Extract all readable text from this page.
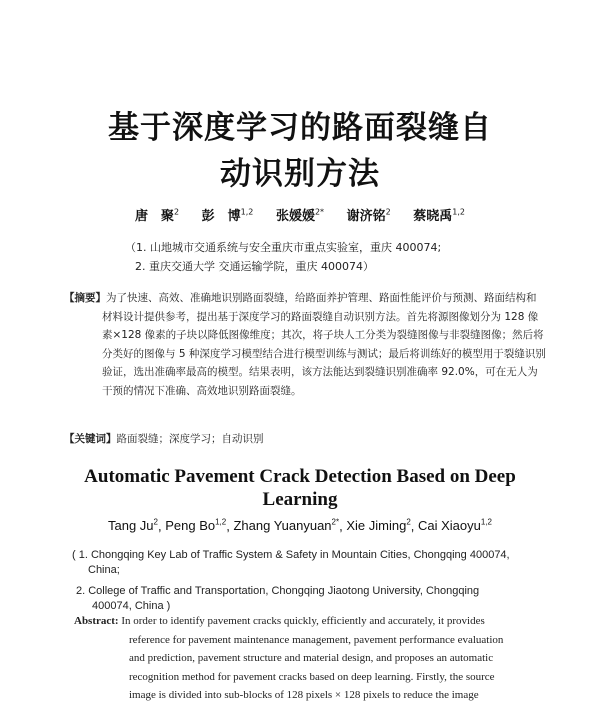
基于深度学习的路面裂缝自
动识别方法
唐　聚$^2$ 彭　博$^{1,2}$ 张媛媛$^{2*}$ 谢济铭$^2$ 蔡晓禹$^{1,2}$
（1. 山地城市交通系统与安全重庆市重点实验室，重庆 400074;
2. 重庆交通大学 交通运输学院，重庆 400074）
【摘要】为了快速、高效、准确地识别路面裂缝，给路面养护管理、路面性能评价与预测、路面结构和材料设计提供参考，提出基于深度学习的路面裂缝自动识别方法。首先将源图像划分为 128 像素×128 像素的子块以降低图像维度；其次，将子块人工分类为裂缝图像与非裂缝图像；然后将分类好的图像与 5 种深度学习模型结合进行模型训练与测试；最后将训练好的模型用于裂缝识别验证，选出准确率最高的模型。结果表明，该方法能达到裂缝识别准确率 92.0%，可在无人为干预的情况下准确、高效地识别路面裂缝。
【关键词】路面裂缝；深度学习；自动识别
Automatic Pavement Crack Detection Based on Deep
Learning
Tang Ju$^2$, Peng Bo$^{1,2}$, Zhang Yuanyuan$^{2*}$, Xie Jiming$^2$, Cai Xiaoyu$^{1,2}$
( 1. Chongqing Key Lab of Traffic System & Safety in Mountain Cities, Chongqing 400074,
China;
2. College of Traffic and Transportation, Chongqing Jiaotong University, Chongqing
400074, China )
Abstract: In order to identify pavement cracks quickly, efficiently and accurately, it provides
reference for pavement maintenance management, pavement performance evaluation
and prediction, pavement structure and material design, and proposes an automatic
recognition method for pavement cracks based on deep learning. Firstly, the source
image is divided into sub-blocks of 128 pixels × 128 pixels to reduce the image
